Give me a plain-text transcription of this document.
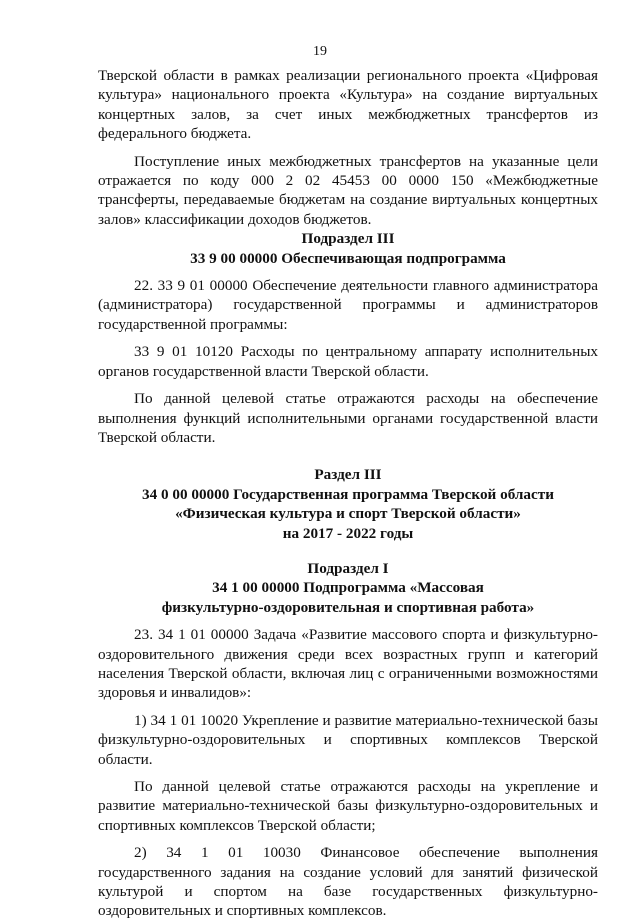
19

Тверской области в рамках реализации регионального проекта «Цифровая культура» национального проекта «Культура» на создание виртуальных концертных залов, за счет иных межбюджетных трансфертов из федерального бюджета.

Поступление иных межбюджетных трансфертов на указанные цели отражается по коду 000 2 02 45453 00 0000 150 «Межбюджетные трансферты, передаваемые бюджетам на создание виртуальных концертных залов» классификации доходов бюджетов.

Подраздел III

33 9 00 00000 Обеспечивающая подпрограмма

22. 33 9 01 00000 Обеспечение деятельности главного администратора (администратора) государственной программы и администраторов государственной программы:

33 9 01 10120 Расходы по центральному аппарату исполнительных органов государственной власти Тверской области.

По данной целевой статье отражаются расходы на обеспечение выполнения функций исполнительными органами государственной власти Тверской области.

Раздел III

34 0 00 00000 Государственная программа Тверской области

«Физическая культура и спорт Тверской области»

на 2017 - 2022 годы

Подраздел I

34 1 00 00000 Подпрограмма «Массовая

физкультурно-оздоровительная и спортивная работа»

23. 34 1 01 00000 Задача «Развитие массового спорта и физкультурно-оздоровительного движения среди всех возрастных групп и категорий населения Тверской области, включая лиц с ограниченными возможностями здоровья и инвалидов»:

1) 34 1 01 10020 Укрепление и развитие материально-технической базы физкультурно-оздоровительных и спортивных комплексов Тверской области.

По данной целевой статье отражаются расходы на укрепление и развитие материально-технической базы физкультурно-оздоровительных и спортивных комплексов Тверской области;

2) 34 1 01 10030 Финансовое обеспечение выполнения государственного задания на создание условий для занятий физической культурой и спортом на базе государственных физкультурно-оздоровительных и спортивных комплексов.
